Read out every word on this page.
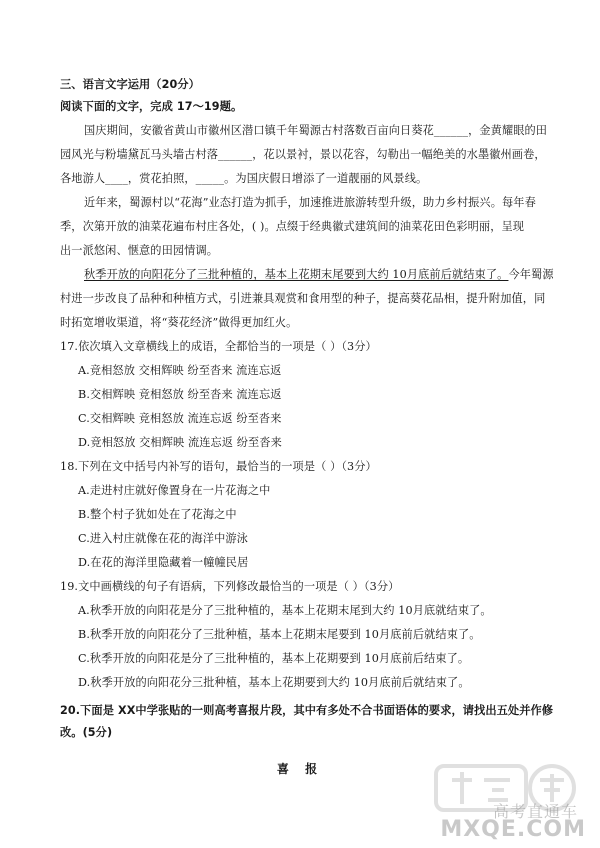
三、语言文字运用（20分）
阅读下面的文字，完成 17～19题。
国庆期间，安徽省黄山市徽州区潜口镇千年蜀源古村落数百亩向日葵花______，金黄耀眼的田
园风光与粉墙黛瓦马头墙古村落______，花以景衬，景以花容，勾勒出一幅绝美的水墨徽州画卷，
各地游人____，赏花拍照，_____。为国庆假日增添了一道靓丽的风景线。
近年来，蜀源村以“花海”业态打造为抓手，加速推进旅游转型升级，助力乡村振兴。每年春
季，次第开放的油菜花遍布村庄各处，( )。点缀于经典徽式建筑间的油菜花田色彩明丽，呈现
出一派悠闲、惬意的田园情调。
秋季开放的向阳花分了三批种植的，基本上花期末尾要到大约 10月底前后就结束了。今年蜀源
村进一步改良了品种和种植方式，引进兼具观赏和食用型的种子，提高葵花品相，提升附加值，同
时拓宽增收渠道，将“葵花经济”做得更加红火。
17.依次填入文章横线上的成语，全都恰当的一项是（ ）（3分）
A.竞相怒放 交相辉映 纷至沓来 流连忘返
B.交相辉映 竞相怒放 纷至沓来 流连忘返
C.交相辉映 竞相怒放 流连忘返 纷至沓来
D.竞相怒放 交相辉映 流连忘返 纷至沓来
18.下列在文中括号内补写的语句，最恰当的一项是（ ）（3分）
A.走进村庄就好像置身在一片花海之中
B.整个村子犹如处在了花海之中
C.进入村庄就像在花的海洋中游泳
D.在花的海洋里隐藏着一幢幢民居
19.文中画横线的句子有语病，下列修改最恰当的一项是（ ）（3分）
A.秋季开放的向阳花是分了三批种植的，基本上花期末尾到大约 10月底就结束了。
B.秋季开放的向阳花分了三批种植，基本上花期末尾要到 10月底前后就结束了。
C.秋季开放的向阳花是分了三批种植的，基本上花期要到 10月底前后结束了。
D.秋季开放的向阳花分三批种植，基本上花期要到大约 10月底前后就结束了。
20.下面是 XX中学张贴的一则高考喜报片段，其中有多处不合书面语体的要求，请找出五处并作修
改。(5分)
喜 报
高考直通车
MXQE.COM
